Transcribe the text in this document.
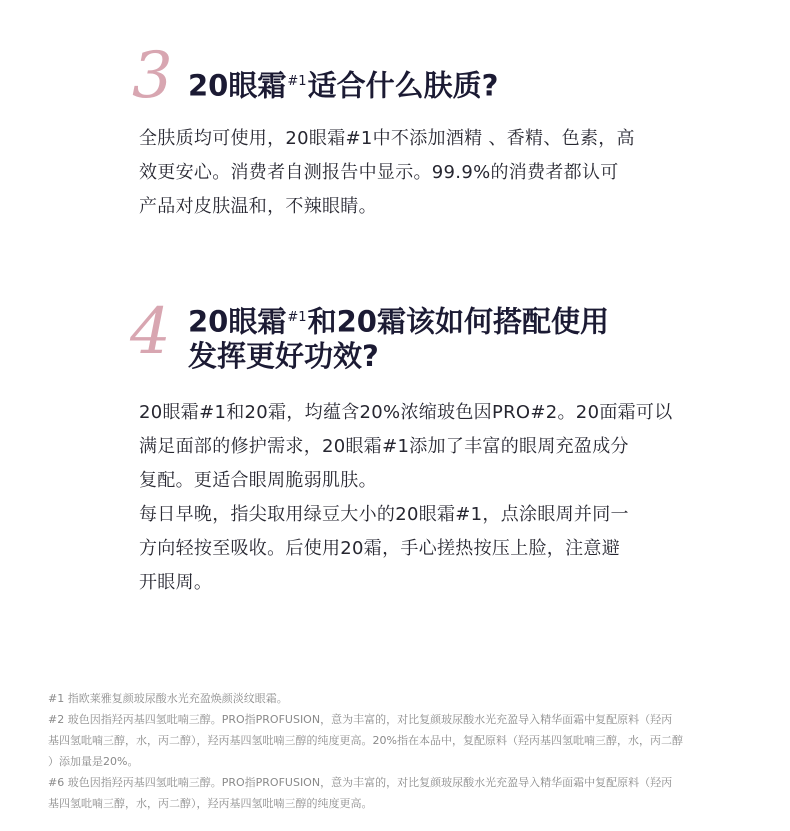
3 20眼霜$^{\#1}$适合什么肤质?

全肤质均可使用，20眼霜#1中不添加酒精 、香精、色素，高

效更安心。消费者自测报告中显示。99.9%的消费者都认可

产品对皮肤温和，不辣眼睛。

4 20眼霜$^{\#1}$和20霜该如何搭配使用
发挥更好功效?

20眼霜#1和20霜，均蕴含20%浓缩玻色因PRO#2。20面霜可以

满足面部的修护需求，20眼霜#1添加了丰富的眼周充盈成分

复配。更适合眼周脆弱肌肤。

每日早晚，指尖取用绿豆大小的20眼霜#1，点涂眼周并同一

方向轻按至吸收。后使用20霜，手心搓热按压上脸，注意避

开眼周。

#1 指欧莱雅复颜玻尿酸水光充盈焕颜淡纹眼霜。

#2 玻色因指羟丙基四氢吡喃三醇。PRO指PROFUSION，意为丰富的，对比复颜玻尿酸水光充盈导入精华面霜中复配原料（羟丙

基四氢吡喃三醇，水，丙二醇），羟丙基四氢吡喃三醇的纯度更高。20%指在本品中，复配原料（羟丙基四氢吡喃三醇，水，丙二醇

）添加量是20%。

#6 玻色因指羟丙基四氢吡喃三醇。PRO指PROFUSION，意为丰富的，对比复颜玻尿酸水光充盈导入精华面霜中复配原料（羟丙

基四氢吡喃三醇，水，丙二醇），羟丙基四氢吡喃三醇的纯度更高。
